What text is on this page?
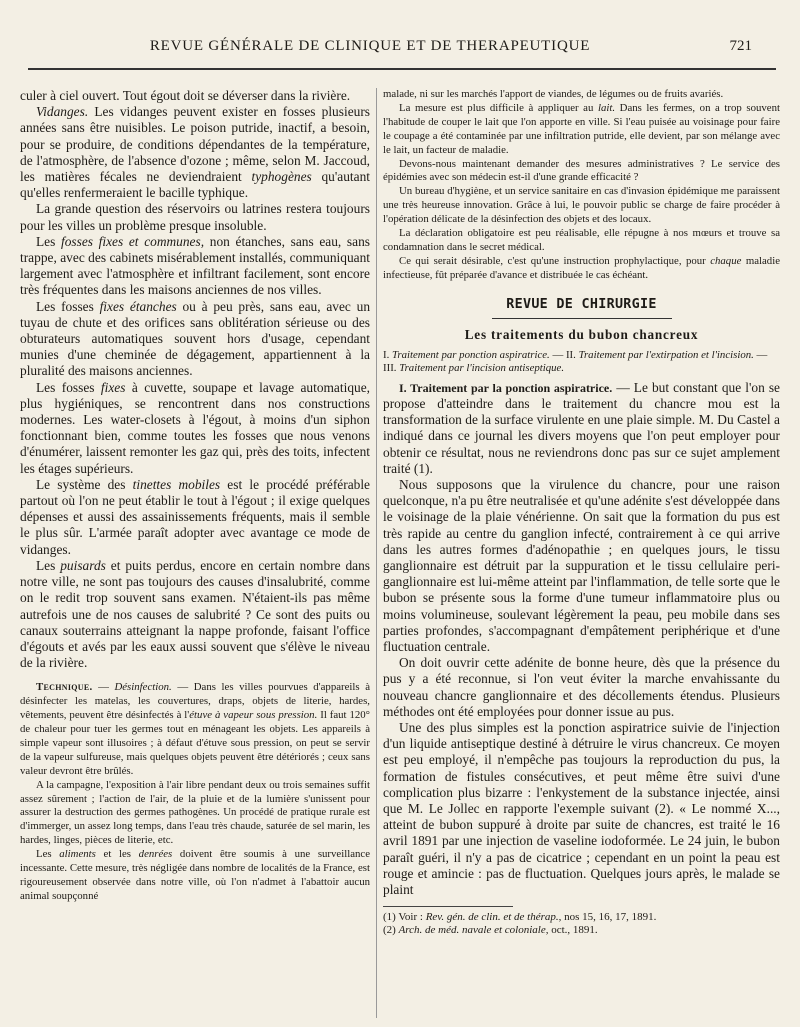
REVUE GÉNÉRALE DE CLINIQUE ET DE THERAPEUTIQUE	721

culer à ciel ouvert. Tout égout doit se déverser dans la rivière.

Vidanges. Les vidanges peuvent exister en fosses plusieurs années sans être nuisibles. Le poison putride, inactif, a besoin, pour se produire, de conditions dépendantes de la température, de l'atmosphère, de l'absence d'ozone ; même, selon M. Jaccoud, les matières fécales ne deviendraient typhogènes qu'autant qu'elles renfermeraient le bacille typhique.

La grande question des réservoirs ou latrines restera toujours pour les villes un problème presque insoluble.

Les fosses fixes et communes, non étanches, sans eau, sans trappe, avec des cabinets misérablement installés, communiquant largement avec l'atmosphère et infiltrant facilement, sont encore très fréquentes dans les maisons anciennes de nos villes.

Les fosses fixes étanches ou à peu près, sans eau, avec un tuyau de chute et des orifices sans oblitération sérieuse ou des obturateurs automatiques souvent hors d'usage, cependant munies d'une cheminée de dégagement, appartiennent à la pluralité des maisons anciennes.

Les fosses fixes à cuvette, soupape et lavage automatique, plus hygiéniques, se rencontrent dans nos constructions modernes. Les water-closets à l'égout, à moins d'un siphon fonctionnant bien, comme toutes les fosses que nous venons d'énumérer, laissent remonter les gaz qui, près des toits, infectent les étages supérieurs.

Le système des tinettes mobiles est le procédé préférable partout où l'on ne peut établir le tout à l'égout ; il exige quelques dépenses et aussi des assainissements fréquents, mais il semble le plus sûr. L'armée paraît adopter avec avantage ce mode de vidanges.

Les puisards et puits perdus, encore en certain nombre dans notre ville, ne sont pas toujours des causes d'insalubrité, comme on le redit trop souvent sans examen. N'étaient-ils pas même autrefois une de nos causes de salubrité ? Ce sont des puits ou canaux souterrains atteignant la nappe profonde, faisant l'office d'égouts et avés par les eaux aussi souvent que s'élève le niveau de la rivière.

Technique. — Désinfection. — Dans les villes pourvues d'appareils à désinfecter les matelas, les couvertures, draps, objets de literie, hardes, vêtements, peuvent être désinfectés à l'étuve à vapeur sous pression. Il faut 120° de chaleur pour tuer les germes tout en ménageant les objets. Les appareils à simple vapeur sont illusoires ; à défaut d'étuve sous pression, on peut se servir de la vapeur sulfureuse, mais quelques objets peuvent être détériorés ; ceux sans valeur devront être brûlés.

A la campagne, l'exposition à l'air libre pendant deux ou trois semaines suffit assez sûrement ; l'action de l'air, de la pluie et de la lumière s'unissent pour assurer la destruction des germes pathogènes. Un procédé de pratique rurale est d'immerger, un assez long temps, dans l'eau très chaude, saturée de sel marin, les hardes, linges, pièces de literie, etc.

Les aliments et les denrées doivent être soumis à une surveillance incessante. Cette mesure, très négligée dans nombre de localités de la France, est rigoureusement observée dans notre ville, où l'on n'admet à l'abattoir aucun animal soupçonné

malade, ni sur les marchés l'apport de viandes, de légumes ou de fruits avariés.

La mesure est plus difficile à appliquer au lait. Dans les fermes, on a trop souvent l'habitude de couper le lait que l'on apporte en ville. Si l'eau puisée au voisinage pour faire le coupage a été contaminée par une infiltration putride, elle devient, par son mélange avec le lait, un facteur de maladie.

Devons-nous maintenant demander des mesures administratives ? Le service des épidémies avec son médecin est-il d'une grande efficacité ?

Un bureau d'hygiène, et un service sanitaire en cas d'invasion épidémique me paraissent une très heureuse innovation. Grâce à lui, le pouvoir public se charge de faire procéder à l'opération délicate de la désinfection des objets et des locaux.

La déclaration obligatoire est peu réalisable, elle répugne à nos mœurs et trouve sa condamnation dans le secret médical.

Ce qui serait désirable, c'est qu'une instruction prophylactique, pour chaque maladie infectieuse, fût préparée d'avance et distribuée le cas échéant.

REVUE DE CHIRURGIE
Les traitements du bubon chancreux

I. Traitement par ponction aspiratrice. — II. Traitement par l'extirpation et l'incision. — III. Traitement par l'incision antiseptique.

I. Traitement par la ponction aspiratrice. — Le but constant que l'on se propose d'atteindre dans le traitement du chancre mou est la transformation de la surface virulente en une plaie simple. M. Du Castel a indiqué dans ce journal les divers moyens que l'on peut employer pour obtenir ce résultat, nous ne reviendrons donc pas sur ce sujet amplement traité (1).

Nous supposons que la virulence du chancre, pour une raison quelconque, n'a pu être neutralisée et qu'une adénite s'est développée dans le voisinage de la plaie vénérienne. On sait que la formation du pus est très rapide au centre du ganglion infecté, contrairement à ce qui arrive dans les autres formes d'adénopathie ; en quelques jours, le tissu ganglionnaire est détruit par la suppuration et le tissu cellulaire peri-ganglionnaire est lui-même atteint par l'inflammation, de telle sorte que le bubon se présente sous la forme d'une tumeur inflammatoire plus ou moins volumineuse, soulevant légèrement la peau, peu mobile dans ses parties profondes, s'accompagnant d'empâtement periphérique et d'une fluctuation centrale.

On doit ouvrir cette adénite de bonne heure, dès que la présence du pus y a été reconnue, si l'on veut éviter la marche envahissante du nouveau chancre ganglionnaire et des décollements étendus. Plusieurs méthodes ont été employées pour donner issue au pus.

Une des plus simples est la ponction aspiratrice suivie de l'injection d'un liquide antiseptique destiné à détruire le virus chancreux. Ce moyen est peu employé, il n'empêche pas toujours la reproduction du pus, la formation de fistules consécutives, et peut même être suivi d'une complication plus bizarre : l'enkystement de la substance injectée, ainsi que M. Le Jollec en rapporte l'exemple suivant (2). « Le nommé X..., atteint de bubon suppuré à droite par suite de chancres, est traité le 16 avril 1891 par une injection de vaseline iodoformée. Le 24 juin, le bubon paraît guéri, il n'y a pas de cicatrice ; cependant en un point la peau est rouge et amincie : pas de fluctuation. Quelques jours après, le malade se plaint

(1) Voir : Rev. gén. de clin. et de thérap., nos 15, 16, 17, 1891.

(2) Arch. de méd. navale et coloniale, oct., 1891.
